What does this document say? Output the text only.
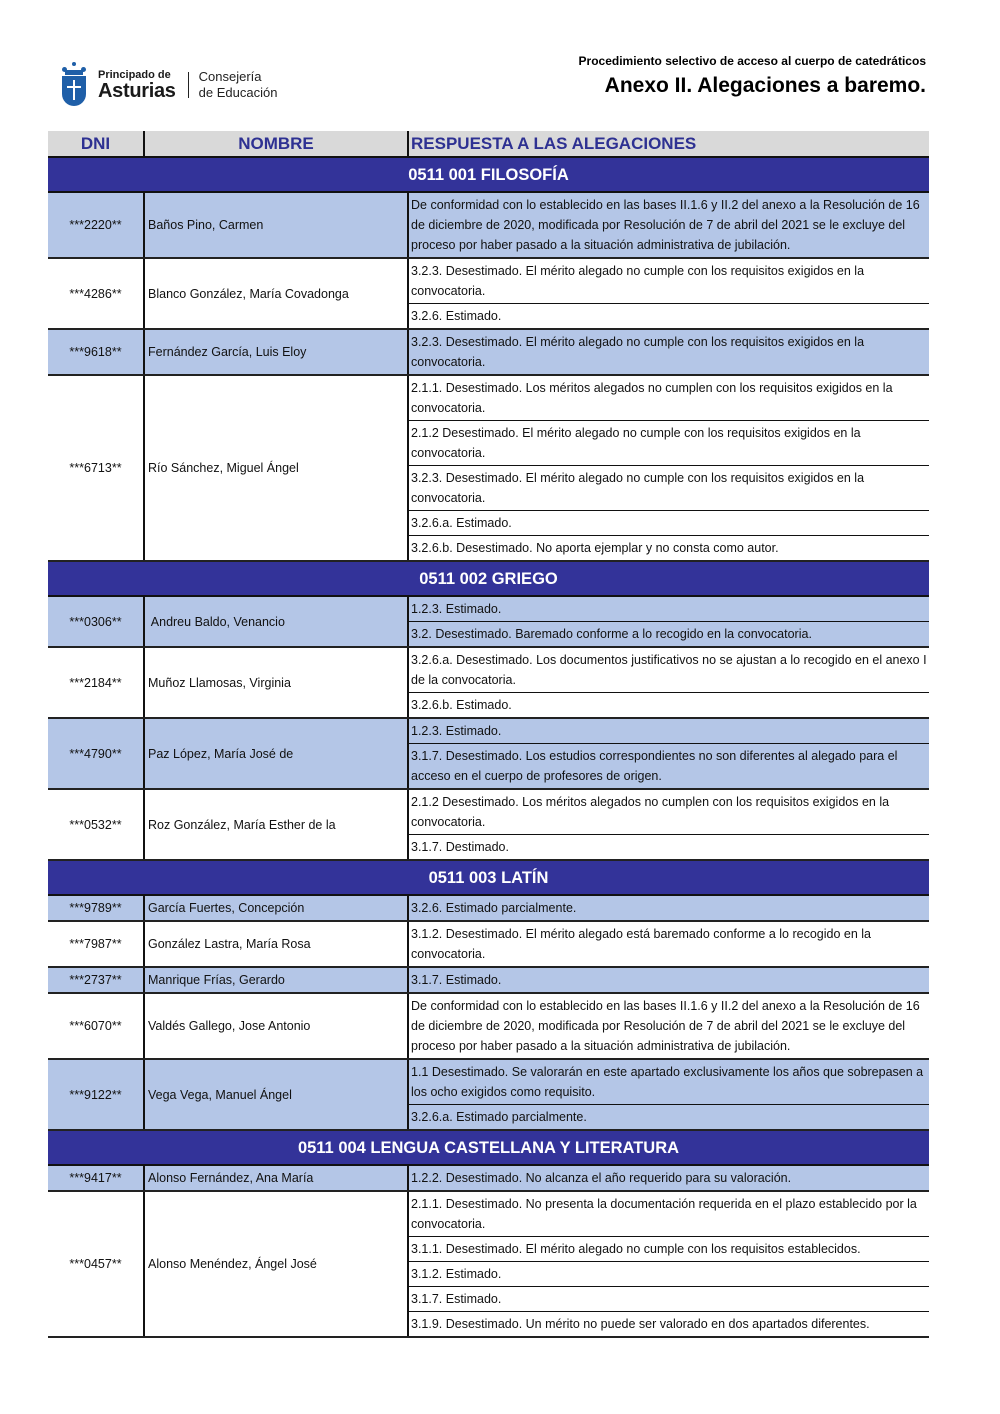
Principado de
Asturias
Consejería
de Educación
Procedimiento selectivo de acceso al cuerpo de catedráticos
Anexo II. Alegaciones a baremo.
DNI	NOMBRE	RESPUESTA A LAS ALEGACIONES
0511 001 FILOSOFÍA		
***2220**	Baños Pino, Carmen	De conformidad con lo establecido en las bases II.1.6 y II.2 del anexo a la Resolución de 16 de diciembre de 2020, modificada por Resolución de 7 de abril del 2021 se le excluye del proceso por haber pasado a la situación administrativa de jubilación.
***4286**	Blanco González, María Covadonga	3.2.3. Desestimado. El mérito alegado no cumple con los requisitos exigidos en la convocatoria.
		3.2.6. Estimado.
***9618**	Fernández García, Luis Eloy	3.2.3. Desestimado. El mérito alegado no cumple con los requisitos exigidos en la convocatoria.
***6713**	Río Sánchez, Miguel Ángel	2.1.1. Desestimado. Los méritos alegados no cumplen con los requisitos exigidos en la convocatoria.
		2.1.2 Desestimado. El mérito alegado no cumple con los requisitos exigidos en la convocatoria.
		3.2.3. Desestimado. El mérito alegado no cumple con los requisitos exigidos en la convocatoria.
		3.2.6.a. Estimado.
		3.2.6.b. Desestimado. No aporta ejemplar y no consta como autor.
0511 002 GRIEGO		
***0306**	Andreu Baldo, Venancio	1.2.3. Estimado.
		3.2. Desestimado. Baremado conforme a lo recogido en la convocatoria.
***2184**	Muñoz Llamosas, Virginia	3.2.6.a. Desestimado. Los documentos justificativos no se ajustan a lo recogido en el anexo I de la convocatoria.
		3.2.6.b. Estimado.
***4790**	Paz López, María José de	1.2.3. Estimado.
		3.1.7. Desestimado. Los estudios correspondientes no son diferentes al alegado para el acceso en el cuerpo de profesores de origen.
***0532**	Roz González, María Esther de la	2.1.2 Desestimado. Los méritos alegados no cumplen con los requisitos exigidos en la convocatoria.
		3.1.7. Destimado.
0511 003 LATÍN		
***9789**	García Fuertes, Concepción	3.2.6. Estimado parcialmente.
***7987**	González Lastra, María Rosa	3.1.2. Desestimado. El mérito alegado está baremado conforme a lo recogido en la convocatoria.
***2737**	Manrique Frías, Gerardo	3.1.7. Estimado.
***6070**	Valdés Gallego, Jose Antonio	De conformidad con lo establecido en las bases II.1.6 y II.2 del anexo a la Resolución de 16 de diciembre de 2020, modificada por Resolución de 7 de abril del 2021 se le excluye del proceso por haber pasado a la situación administrativa de jubilación.
***9122**	Vega Vega, Manuel Ángel	1.1 Desestimado. Se valorarán en este apartado exclusivamente los años que sobrepasen a los ocho exigidos como requisito.
		3.2.6.a. Estimado parcialmente.
0511 004 LENGUA CASTELLANA Y LITERATURA		
***9417**	Alonso Fernández, Ana María	1.2.2. Desestimado. No alcanza el año requerido para su valoración.
***0457**	Alonso Menéndez, Ángel José	2.1.1. Desestimado. No presenta la documentación requerida en el plazo establecido por la convocatoria.
		3.1.1. Desestimado. El mérito alegado no cumple con los requisitos establecidos.
		3.1.2. Estimado.
		3.1.7. Estimado.
		3.1.9. Desestimado. Un mérito no puede ser valorado en dos apartados diferentes.
